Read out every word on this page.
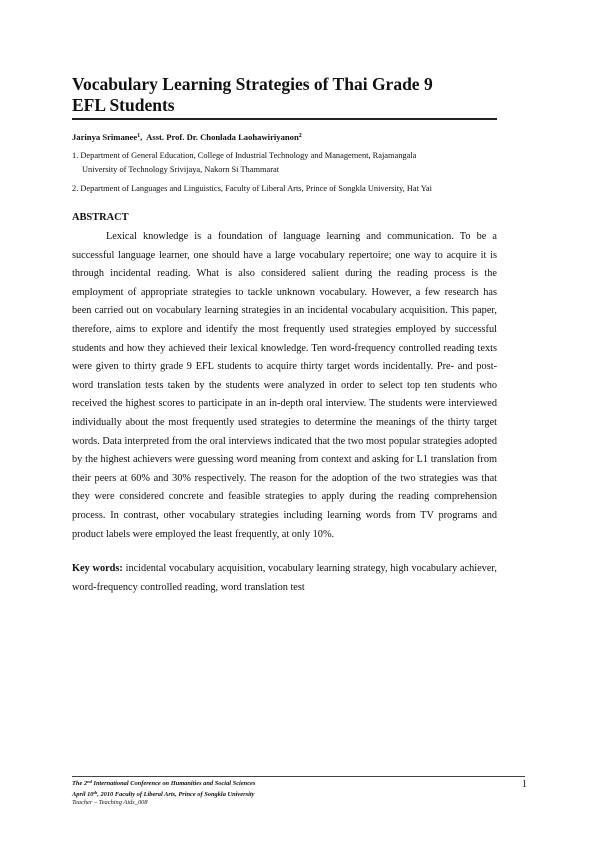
Vocabulary Learning Strategies of Thai Grade 9
EFL Students
Jarinya Srimanee$^1$,  Asst. Prof. Dr. Chonlada Laohawiriyanon$^2$
1. Department of General Education, College of Industrial Technology and Management, Rajamangala
University of Technology Srivijaya, Nakorn Si Thammarat
2. Department of Languages and Linguistics, Faculty of Liberal Arts, Prince of Songkla University, Hat Yai
ABSTRACT

Lexical knowledge is a foundation of language learning and communication. To be a successful language learner, one should have a large vocabulary repertoire; one way to acquire it is through incidental reading. What is also considered salient during the reading process is the employment of appropriate strategies to tackle unknown vocabulary. However, a few research has been carried out on vocabulary learning strategies in an incidental vocabulary acquisition. This paper, therefore, aims to explore and identify the most frequently used strategies employed by successful students and how they achieved their lexical knowledge. Ten word-frequency controlled reading texts were given to thirty grade 9 EFL students to acquire thirty target words incidentally. Pre- and post-word translation tests taken by the students were analyzed in order to select top ten students who received the highest scores to participate in an in-depth oral interview. The students were interviewed individually about the most frequently used strategies to determine the meanings of the thirty target words. Data interpreted from the oral interviews indicated that the two most popular strategies adopted by the highest achievers were guessing word meaning from context and asking for L1 translation from their peers at 60% and 30% respectively. The reason for the adoption of the two strategies was that they were considered concrete and feasible strategies to apply during the reading comprehension process. In contrast, other vocabulary strategies including learning words from TV programs and product labels were employed the least frequently, at only 10%.

Key words: incidental vocabulary acquisition, vocabulary learning strategy, high vocabulary achiever, word-frequency controlled reading, word translation test
The 2nd International Conference on Humanities and Social Sciences
April 10th, 2010 Faculty of Liberal Arts, Prince of Songkla University
Teacher – Teaching Aids_008
1
